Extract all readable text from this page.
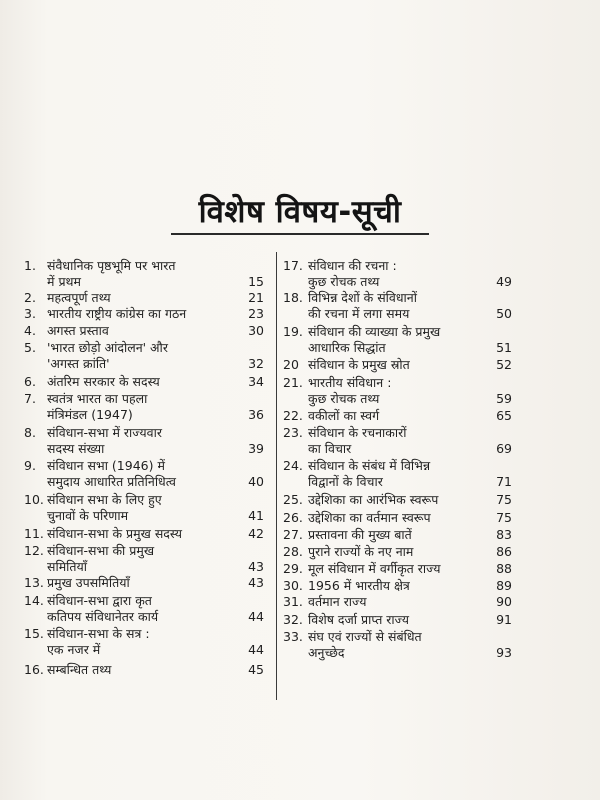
विशेष विषय-सूची
1. संवैधानिक पृष्ठभूमि पर भारत
में प्रथम	15
2. महत्वपूर्ण तथ्य	21
3. भारतीय राष्ट्रीय कांग्रेस का गठन	23
4. अगस्त प्रस्ताव	30
5. 'भारत छोड़ो आंदोलन' और
'अगस्त क्रांति'	32
6. अंतरिम सरकार के सदस्य	34
7. स्वतंत्र भारत का पहला
मंत्रिमंडल (1947)	36
8. संविधान-सभा में राज्यवार
सदस्य संख्या	39
9. संविधान सभा (1946) में
समुदाय आधारित प्रतिनिधित्व	40
10. संविधान सभा के लिए हुए
चुनावों के परिणाम	41
11. संविधान-सभा के प्रमुख सदस्य	42
12. संविधान-सभा की प्रमुख
समितियाँ	43
13. प्रमुख उपसमितियाँ	43
14. संविधान-सभा द्वारा कृत
कतिपय संविधानेतर कार्य	44
15. संविधान-सभा के सत्र :
एक नजर में	44
16. सम्बन्धित तथ्य	45
17. संविधान की रचना :
कुछ रोचक तथ्य	49
18. विभिन्न देशों के संविधानों
की रचना में लगा समय	50
19. संविधान की व्याख्या के प्रमुख
आधारिक सिद्धांत	51
20 संविधान के प्रमुख स्रोत	52
21. भारतीय संविधान :
कुछ रोचक तथ्य	59
22. वकीलों का स्वर्ग	65
23. संविधान के रचनाकारों
का विचार	69
24. संविधान के संबंध में विभिन्न
विद्वानों के विचार	71
25. उद्देशिका का आरंभिक स्वरूप	75
26. उद्देशिका का वर्तमान स्वरूप	75
27. प्रस्तावना की मुख्य बातें	83
28. पुराने राज्यों के नए नाम	86
29. मूल संविधान में वर्गीकृत राज्य	88
30. 1956 में भारतीय क्षेत्र	89
31. वर्तमान राज्य	90
32. विशेष दर्जा प्राप्त राज्य	91
33. संघ एवं राज्यों से संबंधित
अनुच्छेद	93
